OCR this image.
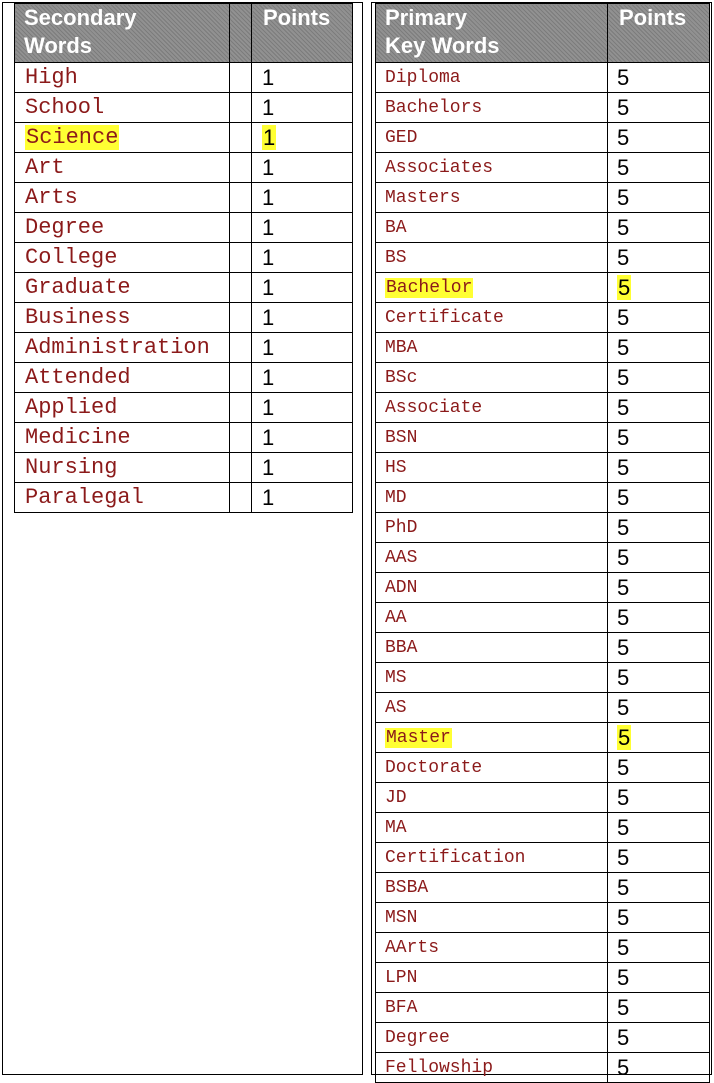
Secondary
Words		Points
High		1
School		1
Science		1
Art		1
Arts		1
Degree		1
College		1
Graduate		1
Business		1
Administration		1
Attended		1
Applied		1
Medicine		1
Nursing		1
Paralegal		1
Primary
Key Words	Points
Diploma	5
Bachelors	5
GED	5
Associates	5
Masters	5
BA	5
BS	5
Bachelor	5
Certificate	5
MBA	5
BSc	5
Associate	5
BSN	5
HS	5
MD	5
PhD	5
AAS	5
ADN	5
AA	5
BBA	5
MS	5
AS	5
Master	5
Doctorate	5
JD	5
MA	5
Certification	5
BSBA	5
MSN	5
AArts	5
LPN	5
BFA	5
Degree	5
Fellowship	5
